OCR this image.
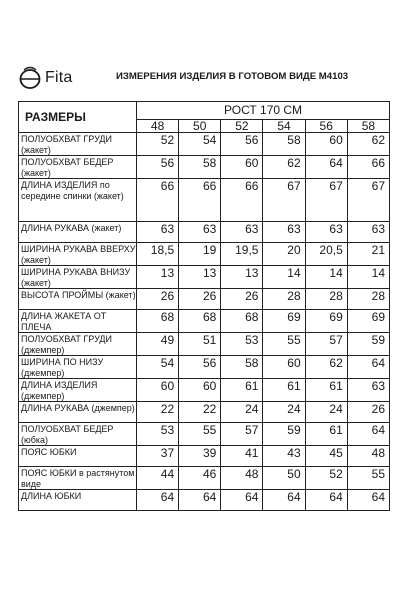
Fita	ИЗМЕРЕНИЯ ИЗДЕЛИЯ В ГОТОВОМ ВИДЕ М4103
РАЗМЕРЫ	РОСТ 170 СМ					
	48	50	52	54	56	58
ПОЛУОБХВАТ ГРУДИ (жакет)	52	54	56	58	60	62
ПОЛУОБХВАТ БЕДЕР (жакет)	56	58	60	62	64	66
ДЛИНА ИЗДЕЛИЯ по середине спинки (жакет)	66	66	66	67	67	67
ДЛИНА РУКАВА (жакет)	63	63	63	63	63	63
ШИРИНА РУКАВА ВВЕРХУ (жакет)	18,5	19	19,5	20	20,5	21
ШИРИНА РУКАВА ВНИЗУ (жакет)	13	13	13	14	14	14
ВЫСОТА ПРОЙМЫ (жакет)	26	26	26	28	28	28
ДЛИНА ЖАКЕТА ОТ ПЛЕЧА	68	68	68	69	69	69
ПОЛУОБХВАТ ГРУДИ (джемпер)	49	51	53	55	57	59
ШИРИНА ПО НИЗУ (джемпер)	54	56	58	60	62	64
ДЛИНА ИЗДЕЛИЯ (джемпер)	60	60	61	61	61	63
ДЛИНА РУКАВА (джемпер)	22	22	24	24	24	26
ПОЛУОБХВАТ БЕДЕР (юбка)	53	55	57	59	61	64
ПОЯС ЮБКИ	37	39	41	43	45	48
ПОЯС ЮБКИ в растянутом виде	44	46	48	50	52	55
ДЛИНА ЮБКИ	64	64	64	64	64	64
